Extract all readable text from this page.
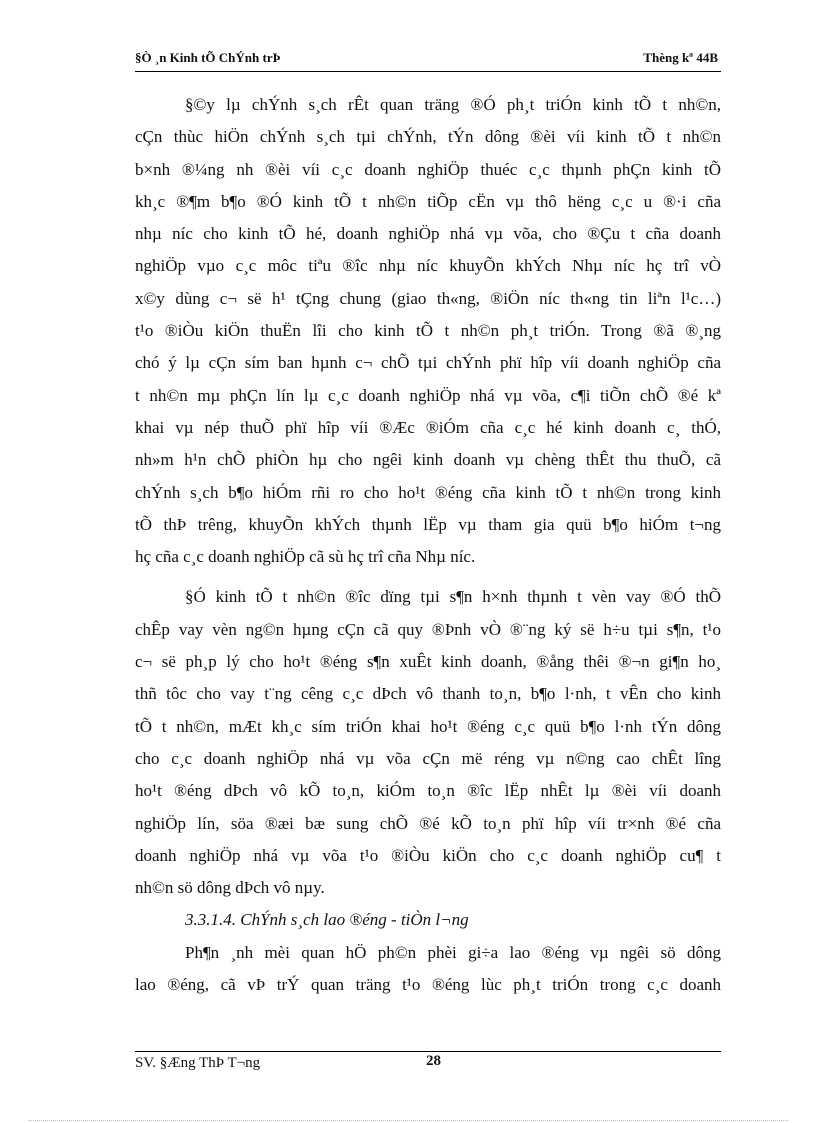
§Ò ¸n Kinh tÕ ChÝnh trÞ	Thèng kª 44B
§©y lµ chÝnh s¸ch rÊt quan träng ®Ó ph¸t triÓn kinh tÕ t nh©n,
cÇn thùc hiÖn chÝnh s¸ch tµi chÝnh, tÝn dông ®èi víi kinh tÕ t nh©n
b×nh ®¼ng nh ®èi víi c¸c doanh nghiÖp thuéc c¸c thµnh phÇn kinh tÕ
kh¸c ®¶m b¶o ®Ó kinh tÕ t nh©n tiÕp cËn vµ thô hëng c¸c u ®·i cña
nhµ níc cho kinh tÕ hé, doanh nghiÖp nhá vµ võa, cho ®Çu t cña doanh
nghiÖp vµo c¸c môc tiªu ®îc nhµ níc khuyÕn khÝch Nhµ níc hç trî vÒ
x©y dùng c¬ së h¹ tÇng chung (giao th«ng, ®iÖn níc th«ng tin liªn l¹c…)
t¹o ®iÒu kiÖn thuËn lîi cho kinh tÕ t nh©n ph¸t triÓn. Trong ®ã ®¸ng
chó ý lµ cÇn sím ban hµnh c¬ chÕ tµi chÝnh phï hîp víi doanh nghiÖp cña
t nh©n mµ phÇn lín lµ c¸c doanh nghiÖp nhá vµ võa, c¶i tiÕn chÕ ®é kª
khai vµ nép thuÕ phï hîp víi ®Æc ®iÓm cña c¸c hé kinh doanh c¸ thÓ,
nh»m h¹n chÕ phiÒn hµ cho ngêi kinh doanh vµ chèng thÊt thu thuÕ, cã
chÝnh s¸ch b¶o hiÓm rñi ro cho ho¹t ®éng cña kinh tÕ t nh©n trong kinh
tÕ thÞ trêng, khuyÕn khÝch thµnh lËp vµ tham gia quü b¶o hiÓm t¬ng
hç cña c¸c doanh nghiÖp cã sù hç trî cña Nhµ níc.
§Ó kinh tÕ t nh©n ®îc dïng tµi s¶n h×nh thµnh t vèn vay ®Ó thÕ
chÊp vay vèn ng©n hµng cÇn cã quy ®Þnh vÒ ®¨ng ký së h÷u tµi s¶n, t¹o
c¬ së ph¸p lý cho ho¹t ®éng s¶n xuÊt kinh doanh, ®ång thêi ®¬n gi¶n ho¸
thñ tôc cho vay t¨ng cêng c¸c dÞch vô thanh to¸n, b¶o l·nh, t vÊn cho kinh
tÕ t nh©n, mÆt kh¸c sím triÓn khai ho¹t ®éng c¸c quü b¶o l·nh tÝn dông
cho c¸c doanh nghiÖp nhá vµ võa cÇn më réng vµ n©ng cao chÊt lîng
ho¹t ®éng dÞch vô kÕ to¸n, kiÓm to¸n ®îc lËp nhÊt lµ ®èi víi doanh
nghiÖp lín, söa ®æi bæ sung chÕ ®é kÕ to¸n phï hîp víi tr×nh ®é cña
doanh nghiÖp nhá vµ võa t¹o ®iÒu kiÖn cho c¸c doanh nghiÖp cu¶ t
nh©n sö dông dÞch vô nµy.
3.3.1.4. ChÝnh s¸ch lao ®éng - tiÒn l¬ng
Ph¶n ¸nh mèi quan hÖ ph©n phèi gi÷a lao ®éng vµ ngêi sö dông
lao ®éng, cã vÞ trÝ quan träng t¹o ®éng lùc ph¸t triÓn trong c¸c doanh
SV. §Æng ThÞ T¬ng	28
